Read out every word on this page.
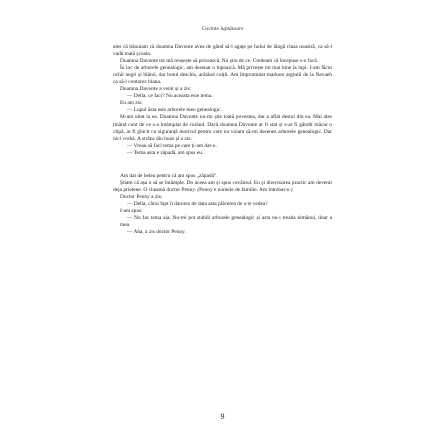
Cuvinte luptătoare

ales că bănuiam că doamna Davonte avea de gând să-l agațe pe holul de lângă clasa noastră, ca să-l vadă toată școala.

Doamna Davonte tot mă reușește să privească. Nu știu de ce. Credeam că începuse s-o facă.

În loc de arborele genealogic, am desenat o lupoaică. Mă privește tot mai bine la lupi. I-am făcut ochii negri și blănii, dar botul deschis, arătând colții. Am împrumutat markere argintii de la Nevaeh ca să-i conturez blana.

Doamna Davonte a venit și a zis:

— Della, ce faci? Nu aceasta este tema.

Eu am zis:

— Lupul ăsta este arborele meu genealogic.

M-am uitat la ea. Doamna Davonte nu-mi știe toată povestea, dar a aflat destul din ea. Mai ales ținând cont de ce s-a întâmplat de curând. Dacă doamna Davonte ar fi stat și s-ar fi gândit măcar o clipă, ar fi ghicit cu siguranță motivul pentru care nu voiam să-mi desenez arborele genealogic. Dar nici vorbă. A strâns din buze și a zis:

— Vreau să faci tema pe care ți-am dat-o.

— Tema asta e zăpadă, am spus eu.

Am dat de belea pentru că am spus „zăpadă”.

Știam că așa o să se întâmple. Do aceea am și spus cuvântul. Eu și directoarea practic am devenit deja prietene. O cheamă doctor Penny. (Penny e numele de familie. Am întrebat-o.)

Doctor Penny a zis:

— Della, cărui fapt îi datorez de data asta plăcerea de a te vedea?

I-am spus:

— Nu fac tema aia. Nu-mi pot stabili arborele genealogic și asta nu-i treaba nimănui, doar a mea.

— Aha, a zis doctor Penny.

9
